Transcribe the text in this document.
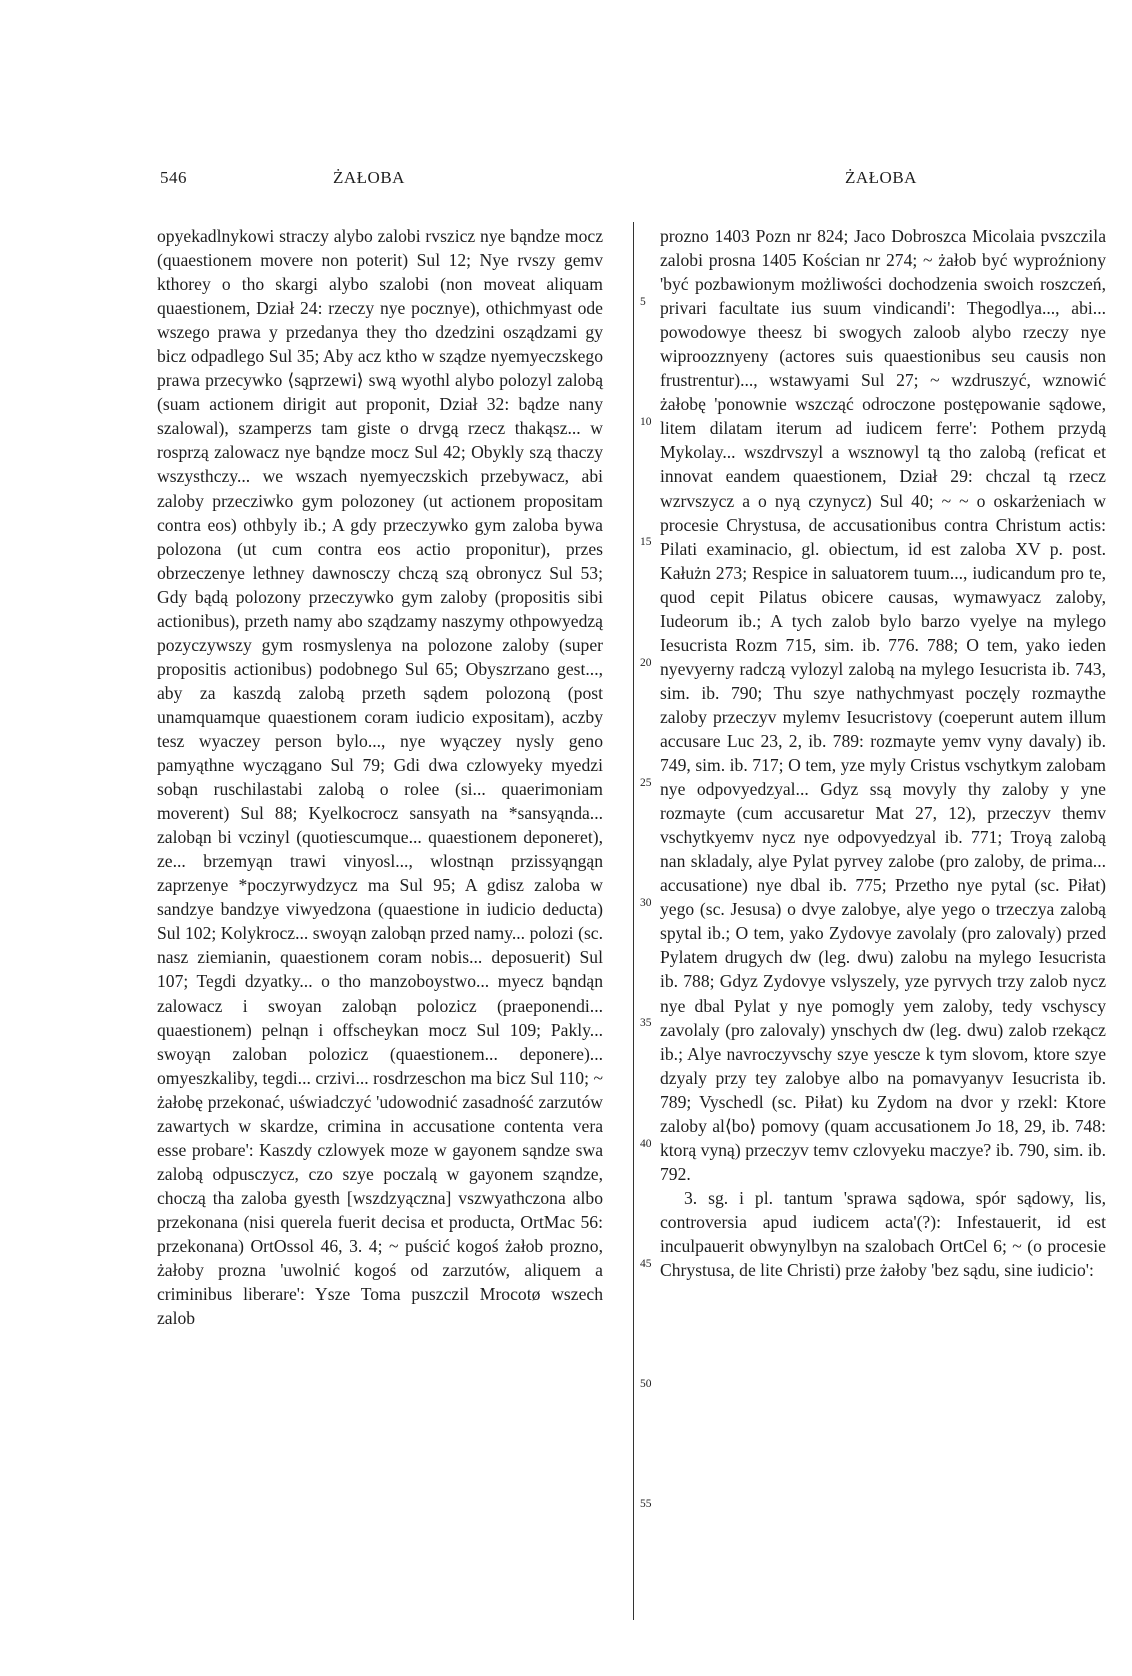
546	ŻAŁOBA	ŻAŁOBA

opyekadlnykowi straczy alybo zalobi rvszicz nye bąndze mocz (quaestionem movere non poterit) Sul 12; Nye rvszy gemv kthorey o tho skargi alybo szalobi (non moveat aliquam quaestionem, Dział 24: rzeczy nye pocznye), othichmyast ode wszego prawa y przedanya they tho dzedzini osządzami gy bicz odpadlego Sul 35; Aby acz ktho w sządze nyemyeczskego prawa przecywko ⟨sąprzewi⟩ swą wyothl alybo polozyl zalobą (suam actionem dirigit aut proponit, Dział 32: bądze nany szalowal), szamperzs tam giste o drvgą rzecz thakąsz... w rosprzą zalowacz nye bąndze mocz Sul 42; Obykly szą thaczy wszysthczy... we wszach nyemyeczskich przebywacz, abi zaloby przecziwko gym polozoney (ut actionem propositam contra eos) othbyly ib.; A gdy przeczywko gym zaloba bywa polozona (ut cum contra eos actio proponitur), przes obrzeczenye lethney dawnosczy chczą szą obronycz Sul 53; Gdy bądą polozony przeczywko gym zaloby (propositis sibi actionibus), przeth namy abo sządzamy naszymy othpowyedzą pozyczywszy gym rosmyslenya na polozone zaloby (super propositis actionibus) podobnego Sul 65; Obyszrzano gest..., aby za kaszdą zalobą przeth sądem polozoną (post unamquamque quaestionem coram iudicio expositam), aczby tesz wyaczey person bylo..., nye wyączey nysly geno pamyąthne wyczągano Sul 79; Gdi dwa czlowyeky myedzi sobąn ruschilastabi zalobą o rolee (si... quaerimoniam moverent) Sul 88; Kyelkocrocz sansyath na *sansyąnda... zalobąn bi vczinyl (quotiescumque... quaestionem deponeret), ze... brzemyąn trawi vinyosl..., wlostnąn przissyąngąn zaprzenye *poczyrwydzycz ma Sul 95; A gdisz zaloba w sandzye bandzye viwyedzona (quaestione in iudicio deducta) Sul 102; Kolykrocz... swoyąn zalobąn przed namy... polozi (sc. nasz ziemianin, quaestionem coram nobis... deposuerit) Sul 107; Tegdi dzyatky... o tho manzoboystwo... myecz bąndąn zalowacz i swoyan zalobąn polozicz (praeponendi... quaestionem) pelnąn i offscheykan mocz Sul 109; Pakly... swoyąn zaloban polozicz (quaestionem... deponere)... omyeszkaliby, tegdi... crzivi... rosdrzeschon ma bicz Sul 110; ~ żałobę przekonać, uświadczyć 'udowodnić zasadność zarzutów zawartych w skardze, crimina in accusatione contenta vera esse probare': Kaszdy czlowyek moze w gayonem sąndze swa zalobą odpusczycz, czo szye poczalą w gayonem sząndze, choczą tha zaloba gyesth [wszdzyączna] vszwyathczona albo przekonana (nisi querela fuerit decisa et producta, OrtMac 56: przekonana) OrtOssol 46, 3. 4; ~ puścić kogoś żałob prozno, żałoby prozna 'uwolnić kogoś od zarzutów, aliquem a criminibus liberare': Ysze Toma puszczil Mrocotø wszech zalob

5
10
15
20
25
30
35
40
45
50
55

prozno 1403 Pozn nr 824; Jaco Dobroszca Micolaia pvszczila zalobi prosna 1405 Kościan nr 274; ~ żałob być wyproźniony 'być pozbawionym możliwości dochodzenia swoich roszczeń, privari facultate ius suum vindicandi': Thegodlya..., abi... powodowye theesz bi swogych zaloob alybo rzeczy nye wiproozznyeny (actores suis quaestionibus seu causis non frustrentur)..., wstawyami Sul 27; ~ wzdruszyć, wznowić żałobę 'ponownie wszcząć odroczone postępowanie sądowe, litem dilatam iterum ad iudicem ferre': Pothem przydą Mykolay... wszdrvszyl a wsznowyl tą tho zalobą (reficat et innovat eandem quaestionem, Dział 29: chczal tą rzecz wzrvszycz a o nyą czynycz) Sul 40; ~ ~ o oskarżeniach w procesie Chrystusa, de accusationibus contra Christum actis: Pilati examinacio, gl. obiectum, id est zaloba XV p. post. Kałużn 273; Respice in saluatorem tuum..., iudicandum pro te, quod cepit Pilatus obicere causas, wymawyacz zaloby, Iudeorum ib.; A tych zalob bylo barzo vyelye na mylego Iesucrista Rozm 715, sim. ib. 776. 788; O tem, yako ieden nyevyerny radczą vylozyl zalobą na mylego Iesucrista ib. 743, sim. ib. 790; Thu szye nathychmyast poczęly rozmaythe zaloby przeczyv mylemv Iesucristovy (coeperunt autem illum accusare Luc 23, 2, ib. 789: rozmayte yemv vyny davaly) ib. 749, sim. ib. 717; O tem, yze myly Cristus vschytkym zalobam nye odpovyedzyal... Gdyz ssą movyly thy zaloby y yne rozmayte (cum accusaretur Mat 27, 12), przeczyv themv vschytkyemv nycz nye odpovyedzyal ib. 771; Troyą zalobą nan skladaly, alye Pylat pyrvey zalobe (pro zaloby, de prima... accusatione) nye dbal ib. 775; Przetho nye pytal (sc. Piłat) yego (sc. Jesusa) o dvye zalobye, alye yego o trzeczya zalobą spytal ib.; O tem, yako Zydovye zavolaly (pro zalovaly) przed Pylatem drugych dw (leg. dwu) zalobu na mylego Iesucrista ib. 788; Gdyz Zydovye vslyszely, yze pyrvych trzy zalob nycz nye dbal Pylat y nye pomogly yem zaloby, tedy vschyscy zavolaly (pro zalovaly) ynschych dw (leg. dwu) zalob rzekącz ib.; Alye navroczyvschy szye yescze k tym slovom, ktore szye dzyaly przy tey zalobye albo na pomavyanyv Iesucrista ib. 789; Vyschedl (sc. Piłat) ku Zydom na dvor y rzekl: Ktore zaloby al⟨bo⟩ pomovy (quam accusationem Jo 18, 29, ib. 748: ktorą vyną) przeczyv temv czlovyeku maczye? ib. 790, sim. ib. 792.

3. sg. i pl. tantum 'sprawa sądowa, spór sądowy, lis, controversia apud iudicem acta'(?): Infestauerit, id est inculpauerit obwynylbyn na szalobach OrtCel 6; ~ (o procesie Chrystusa, de lite Christi) prze żałoby 'bez sądu, sine iudicio':
